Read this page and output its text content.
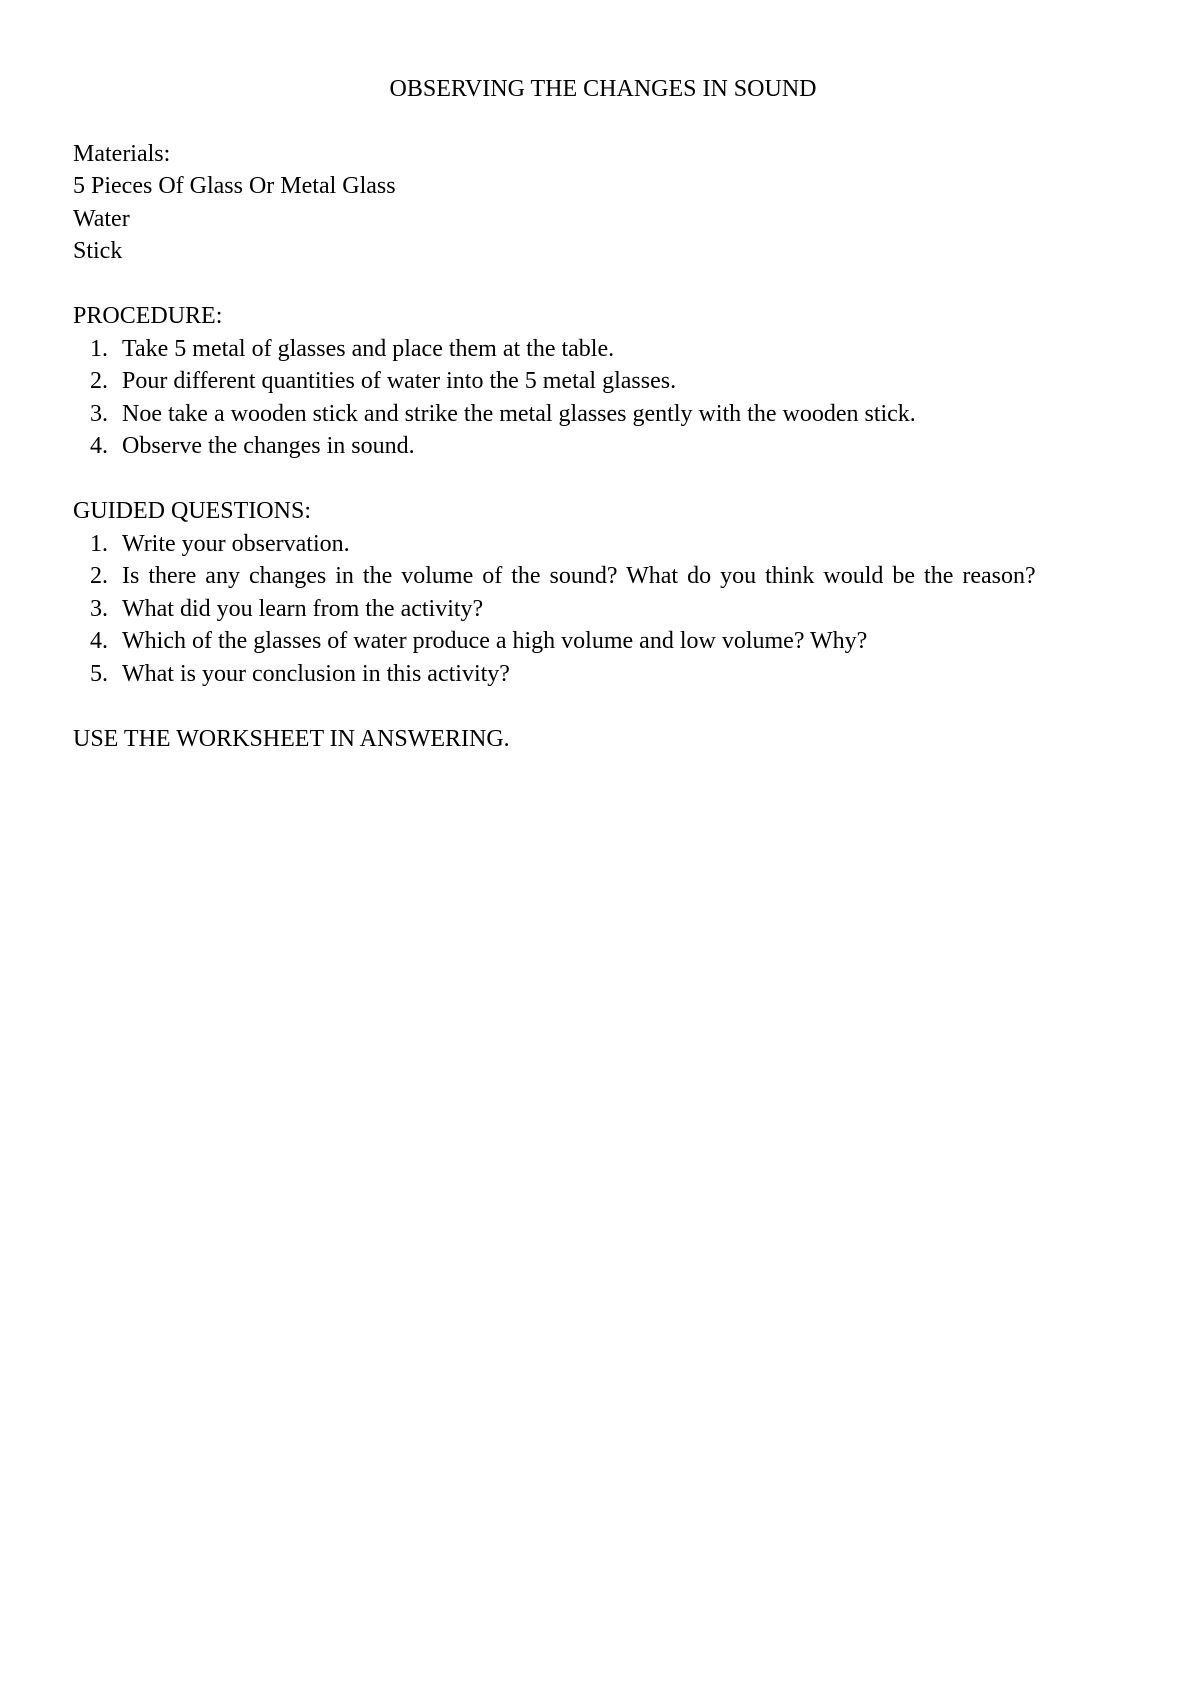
OBSERVING THE CHANGES IN SOUND
Materials:
5 Pieces Of Glass Or Metal Glass
Water
Stick
PROCEDURE:
1. Take 5 metal of glasses and place them at the table.
2. Pour different quantities of water into the 5 metal glasses.
3. Noe take a wooden stick and strike the metal glasses gently with the wooden stick.
4. Observe the changes in sound.
GUIDED QUESTIONS:
1. Write your observation.
2. Is there any changes in the volume of the sound? What do you think would be the reason?
3. What did you learn from the activity?
4. Which of the glasses of water produce a high volume and low volume? Why?
5. What is your conclusion in this activity?
USE THE WORKSHEET IN ANSWERING.
